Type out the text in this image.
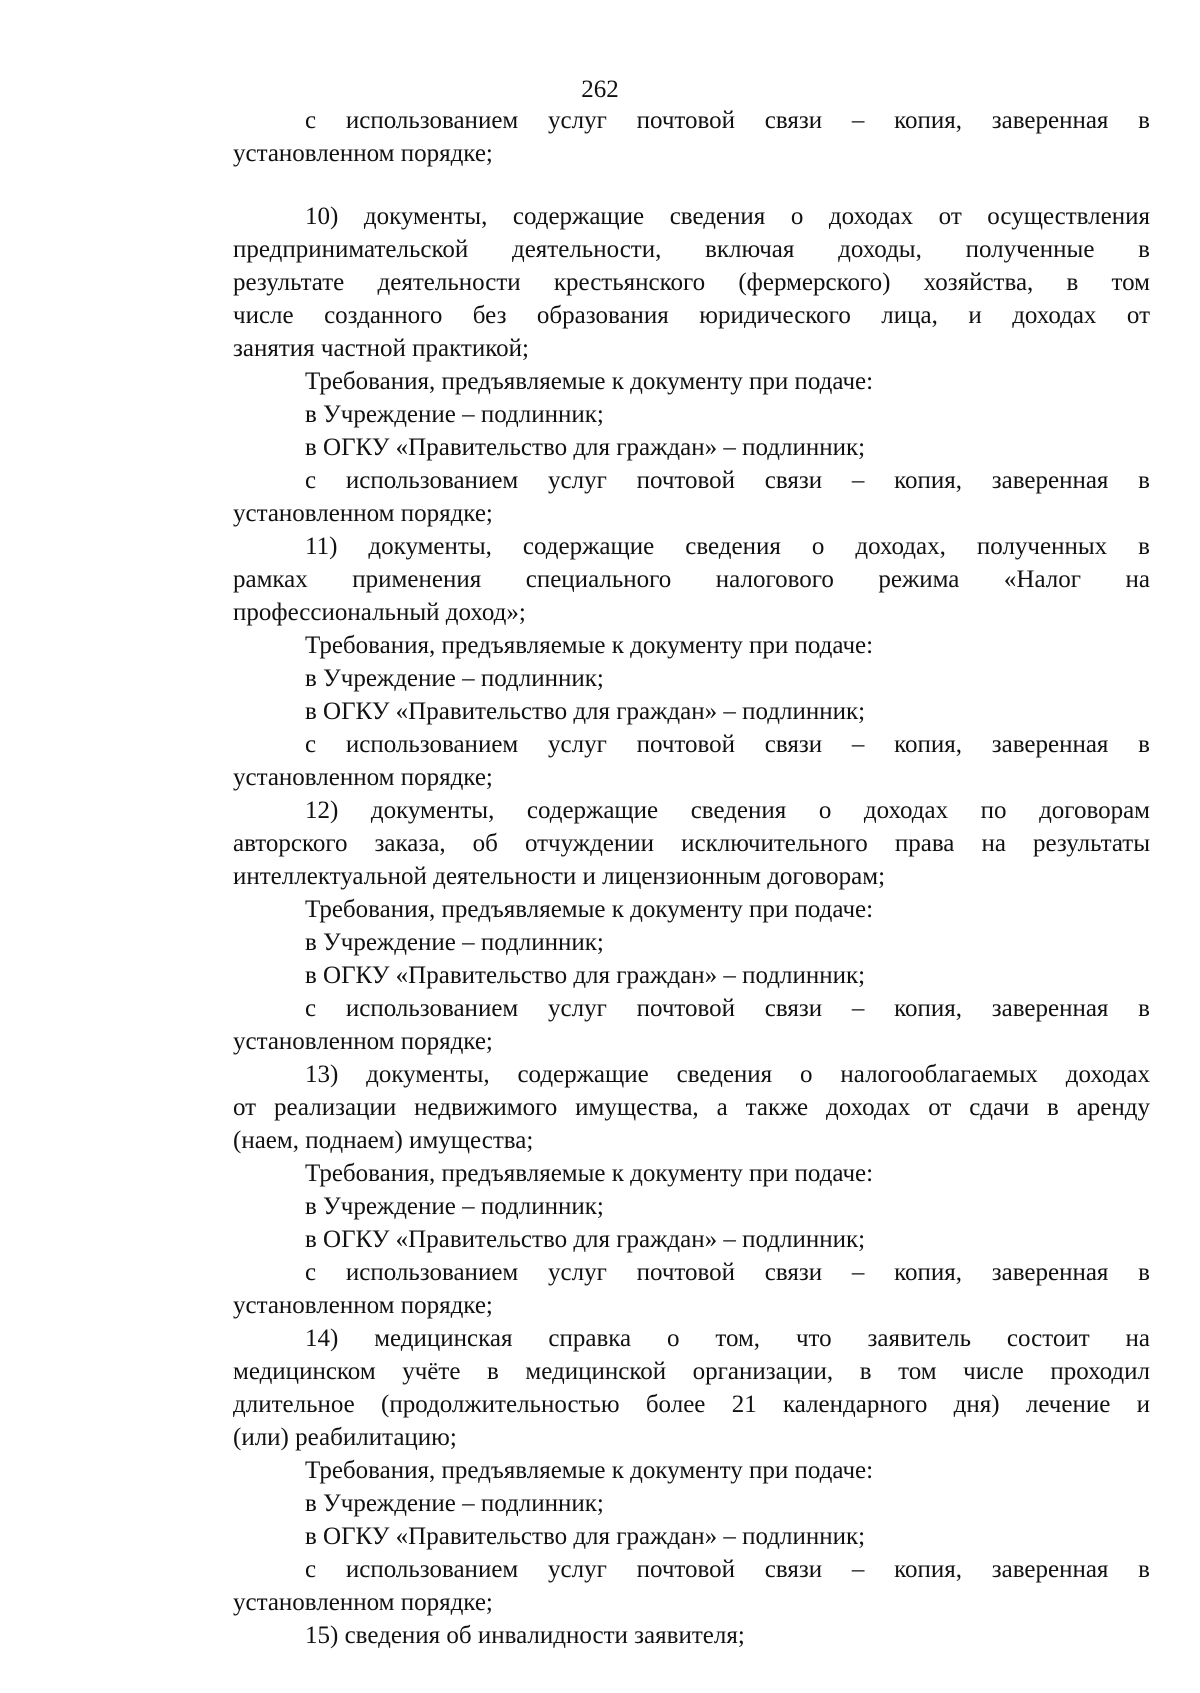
262
с использованием услуг почтовой связи – копия, заверенная в
установленном порядке;
10) документы, содержащие сведения о доходах от осуществления
предпринимательской деятельности, включая доходы, полученные в
результате деятельности крестьянского (фермерского) хозяйства, в том
числе созданного без образования юридического лица, и доходах от
занятия частной практикой;
Требования, предъявляемые к документу при подаче:
в Учреждение – подлинник;
в ОГКУ «Правительство для граждан» – подлинник;
с использованием услуг почтовой связи – копия, заверенная в
установленном порядке;
11) документы, содержащие сведения о доходах, полученных в
рамках применения специального налогового режима «Налог на
профессиональный доход»;
Требования, предъявляемые к документу при подаче:
в Учреждение – подлинник;
в ОГКУ «Правительство для граждан» – подлинник;
с использованием услуг почтовой связи – копия, заверенная в
установленном порядке;
12) документы, содержащие сведения о доходах по договорам
авторского заказа, об отчуждении исключительного права на результаты
интеллектуальной деятельности и лицензионным договорам;
Требования, предъявляемые к документу при подаче:
в Учреждение – подлинник;
в ОГКУ «Правительство для граждан» – подлинник;
с использованием услуг почтовой связи – копия, заверенная в
установленном порядке;
13) документы, содержащие сведения о налогооблагаемых доходах
от реализации недвижимого имущества, а также доходах от сдачи в аренду
(наем, поднаем) имущества;
Требования, предъявляемые к документу при подаче:
в Учреждение – подлинник;
в ОГКУ «Правительство для граждан» – подлинник;
с использованием услуг почтовой связи – копия, заверенная в
установленном порядке;
14) медицинская справка о том, что заявитель состоит на
медицинском учёте в медицинской организации, в том числе проходил
длительное (продолжительностью более 21 календарного дня) лечение и
(или) реабилитацию;
Требования, предъявляемые к документу при подаче:
в Учреждение – подлинник;
в ОГКУ «Правительство для граждан» – подлинник;
с использованием услуг почтовой связи – копия, заверенная в
установленном порядке;
15) сведения об инвалидности заявителя;
